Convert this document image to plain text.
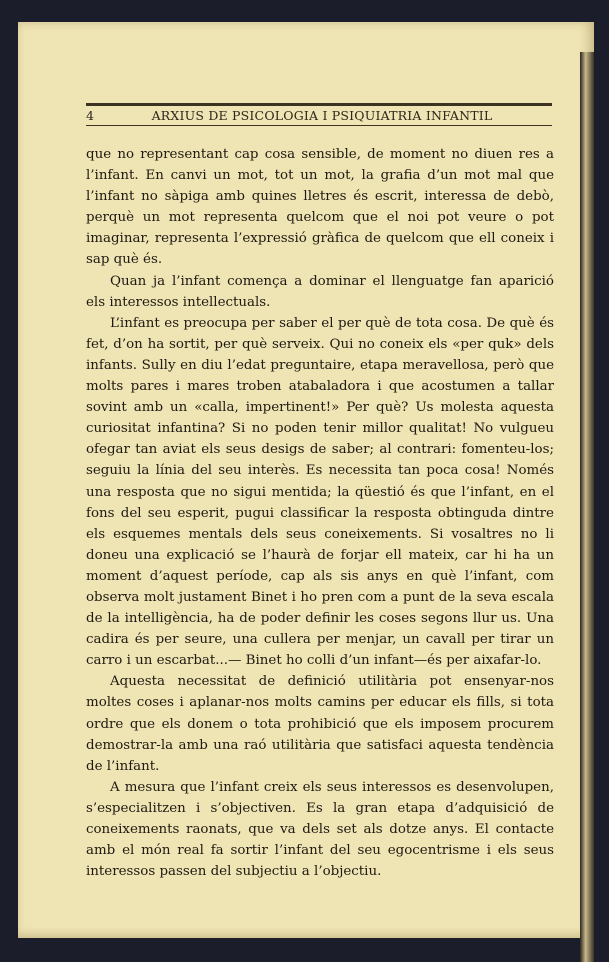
4	ARXIUS DE PSICOLOGIA I PSIQUIATRIA INFANTIL

que no representant cap cosa sensible, de moment no diuen res a l’infant. En canvi un mot, tot un mot, la grafia d’un mot mal que l’infant no sàpiga amb quines lletres és escrit, interessa de debò, perquè un mot representa quelcom que el noi pot veure o pot imaginar, representa l’expressió gràfica de quelcom que ell coneix i sap què és.

Quan ja l’infant comença a dominar el llenguatge fan aparició els interessos intellectuals.

L’infant es preocupa per saber el per què de tota cosa. De què és fet, d’on ha sortit, per què serveix. Qui no coneix els «per quk» dels infants. Sully en diu l’edat preguntaire, etapa meravellosa, però que molts pares i mares troben atabaladora i que acostumen a tallar sovint amb un «calla, impertinent!» Per què? Us molesta aquesta curiositat infantina? Si no poden tenir millor qualitat! No vulgueu ofegar tan aviat els seus desigs de saber; al contrari: fomenteu-los; seguiu la línia del seu interès. Es necessita tan poca cosa! Només una resposta que no sigui mentida; la qüestió és que l’infant, en el fons del seu esperit, pugui classificar la resposta obtinguda dintre els esquemes mentals dels seus coneixements. Si vosaltres no li doneu una explicació se l’haurà de forjar ell mateix, car hi ha un moment d’aquest període, cap als sis anys en què l’infant, com observa molt justament Binet i ho pren com a punt de la seva escala de la intelligència, ha de poder definir les coses segons llur us. Una cadira és per seure, una cullera per menjar, un cavall per tirar un carro i un escarbat...— Binet ho colli d’un infant—és per aixafar-lo.

Aquesta necessitat de definició utilitària pot ensenyar-nos moltes coses i aplanar-nos molts camins per educar els fills, si tota ordre que els donem o tota prohibició que els imposem procurem demostrar-la amb una raó utilitària que satisfaci aquesta tendència de l’infant.

A mesura que l’infant creix els seus interessos es desenvolupen, s’especialitzen i s’objectiven. Es la gran etapa d’adquisició de coneixements raonats, que va dels set als dotze anys. El contacte amb el món real fa sortir l’infant del seu egocentrisme i els seus interessos passen del subjectiu a l’objectiu.
